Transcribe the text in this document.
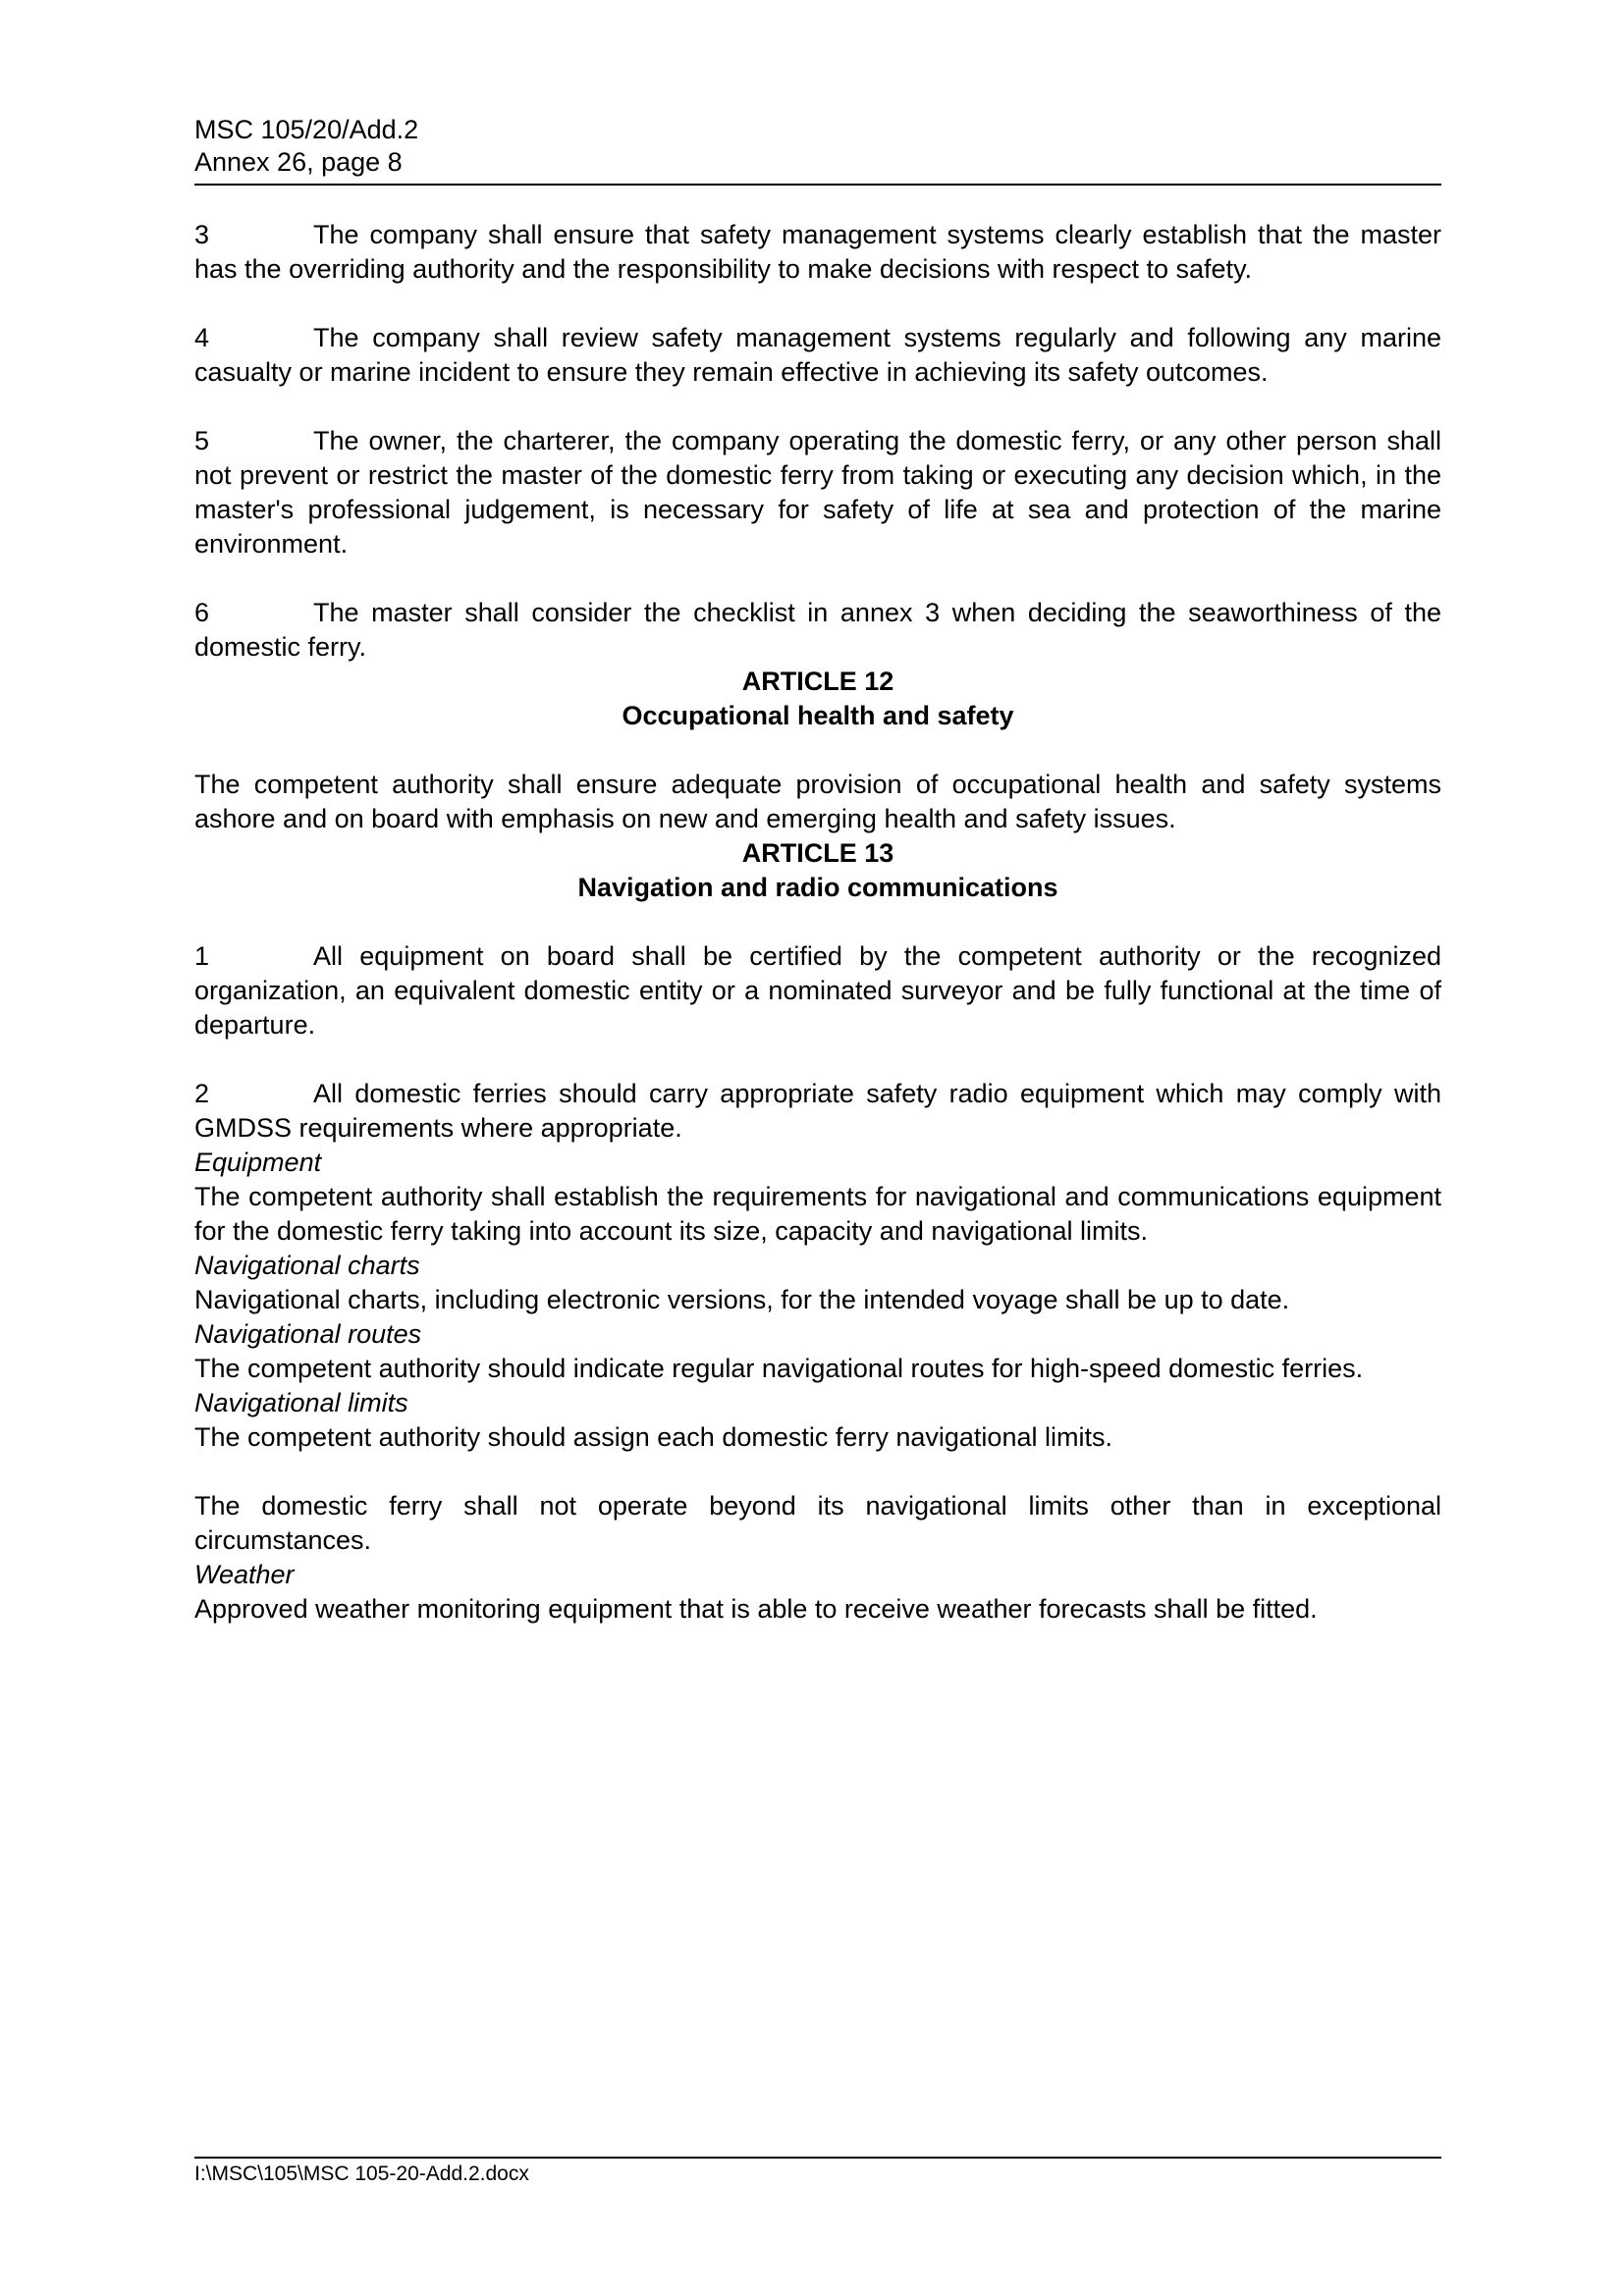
MSC 105/20/Add.2
Annex 26, page 8

3	The company shall ensure that safety management systems clearly establish that the master has the overriding authority and the responsibility to make decisions with respect to safety.

4	The company shall review safety management systems regularly and following any marine casualty or marine incident to ensure they remain effective in achieving its safety outcomes.

5	The owner, the charterer, the company operating the domestic ferry, or any other person shall not prevent or restrict the master of the domestic ferry from taking or executing any decision which, in the master's professional judgement, is necessary for safety of life at sea and protection of the marine environment.

6	The master shall consider the checklist in annex 3 when deciding the seaworthiness of the domestic ferry.

ARTICLE 12

Occupational health and safety

The competent authority shall ensure adequate provision of occupational health and safety systems ashore and on board with emphasis on new and emerging health and safety issues.

ARTICLE 13

Navigation and radio communications

1	All equipment on board shall be certified by the competent authority or the recognized organization, an equivalent domestic entity or a nominated surveyor and be fully functional at the time of departure.

2	All domestic ferries should carry appropriate safety radio equipment which may comply with GMDSS requirements where appropriate.

Equipment

The competent authority shall establish the requirements for navigational and communications equipment for the domestic ferry taking into account its size, capacity and navigational limits.

Navigational charts

Navigational charts, including electronic versions, for the intended voyage shall be up to date.

Navigational routes

The competent authority should indicate regular navigational routes for high-speed domestic ferries.

Navigational limits

The competent authority should assign each domestic ferry navigational limits.

The domestic ferry shall not operate beyond its navigational limits other than in exceptional circumstances.

Weather

Approved weather monitoring equipment that is able to receive weather forecasts shall be fitted.

I:\MSC\105\MSC 105-20-Add.2.docx
